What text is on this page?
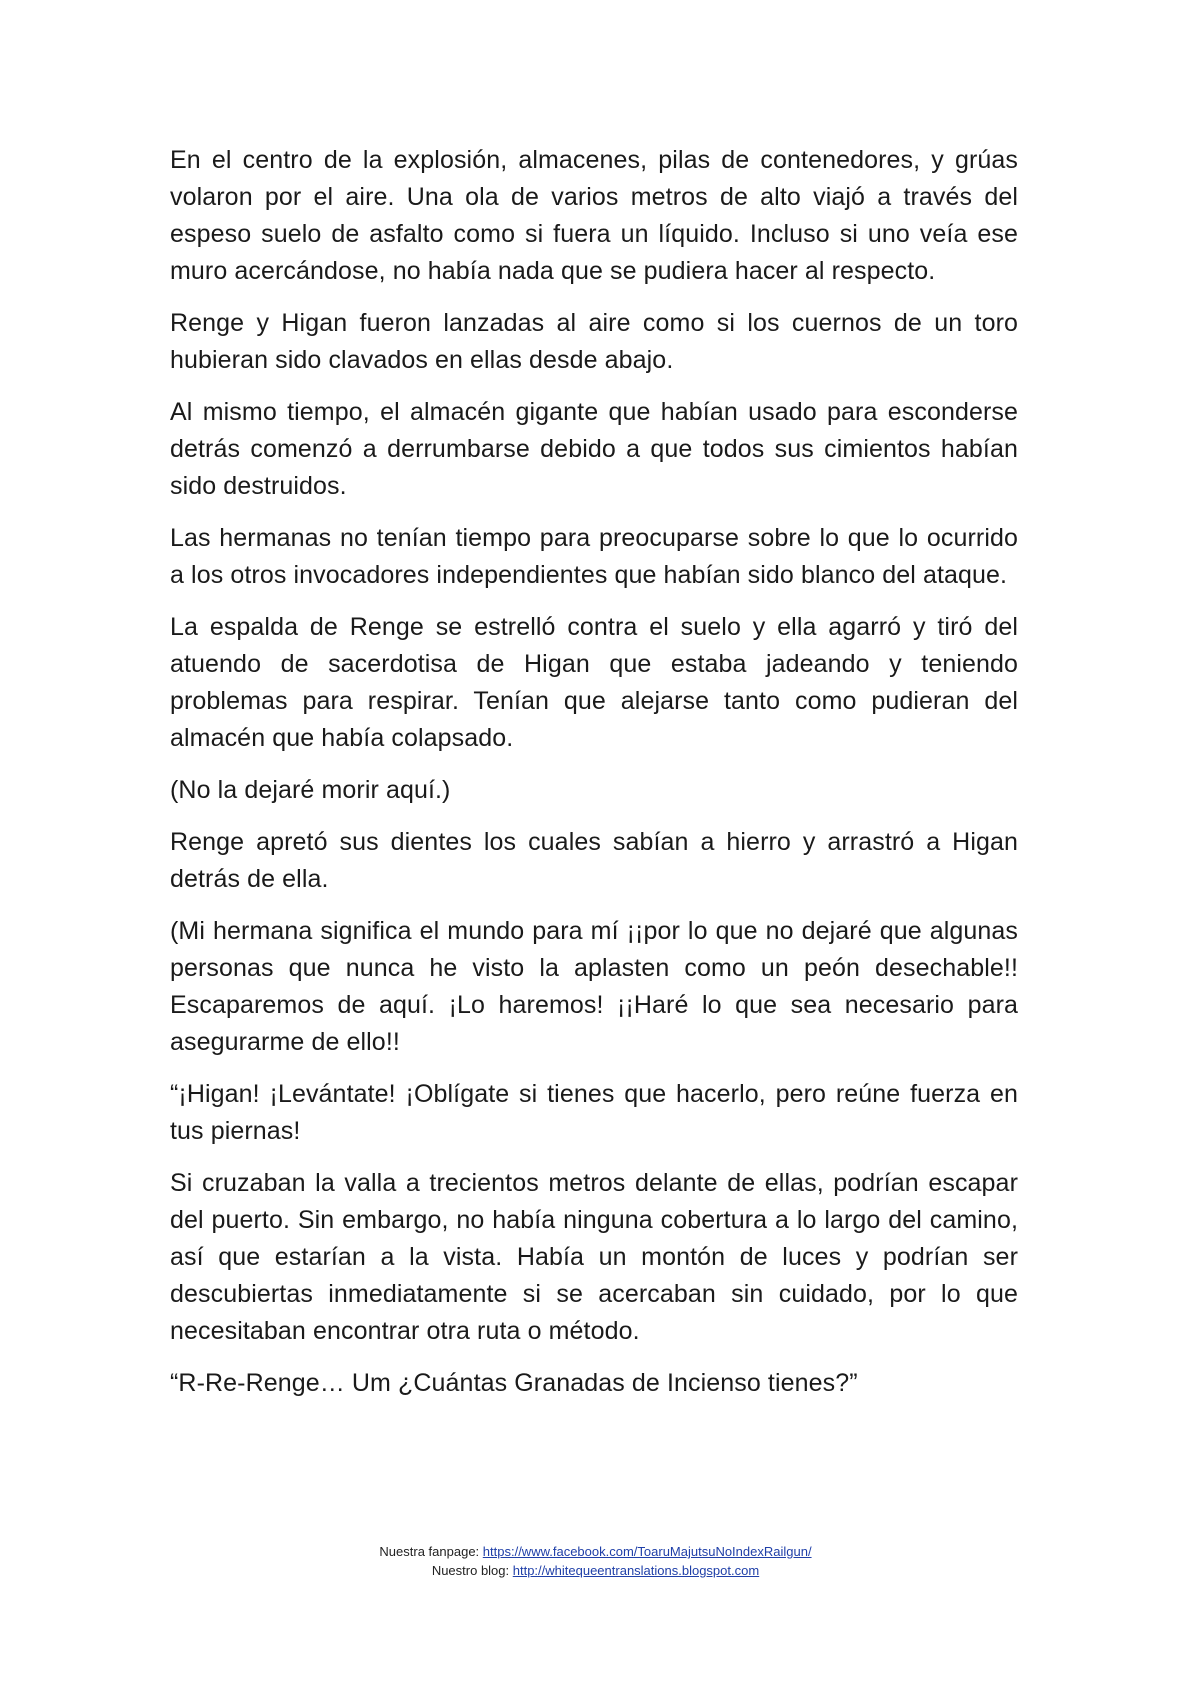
En el centro de la explosión, almacenes, pilas de contenedores, y grúas volaron por el aire. Una ola de varios metros de alto viajó a través del espeso suelo de asfalto como si fuera un líquido. Incluso si uno veía ese muro acercándose, no había nada que se pudiera hacer al respecto.

Renge y Higan fueron lanzadas al aire como si los cuernos de un toro hubieran sido clavados en ellas desde abajo.

Al mismo tiempo, el almacén gigante que habían usado para esconderse detrás comenzó a derrumbarse debido a que todos sus cimientos habían sido destruidos.

Las hermanas no tenían tiempo para preocuparse sobre lo que lo ocurrido a los otros invocadores independientes que habían sido blanco del ataque.

La espalda de Renge se estrelló contra el suelo y ella agarró y tiró del atuendo de sacerdotisa de Higan que estaba jadeando y teniendo problemas para respirar. Tenían que alejarse tanto como pudieran del almacén que había colapsado.

(No la dejaré morir aquí.)

Renge apretó sus dientes los cuales sabían a hierro y arrastró a Higan detrás de ella.

(Mi hermana significa el mundo para mí ¡¡por lo que no dejaré que algunas personas que nunca he visto la aplasten como un peón desechable!! Escaparemos de aquí. ¡Lo haremos! ¡¡Haré lo que sea necesario para asegurarme de ello!!

“¡Higan! ¡Levántate! ¡Oblígate si tienes que hacerlo, pero reúne fuerza en tus piernas!

Si cruzaban la valla a trecientos metros delante de ellas, podrían escapar del puerto. Sin embargo, no había ninguna cobertura a lo largo del camino, así que estarían a la vista. Había un montón de luces y podrían ser descubiertas inmediatamente si se acercaban sin cuidado, por lo que necesitaban encontrar otra ruta o método.

“R-Re-Renge… Um ¿Cuántas Granadas de Incienso tienes?”

Nuestra fanpage: https://www.facebook.com/ToaruMajutsuNoIndexRailgun/
Nuestro blog: http://whitequeentranslations.blogspot.com
